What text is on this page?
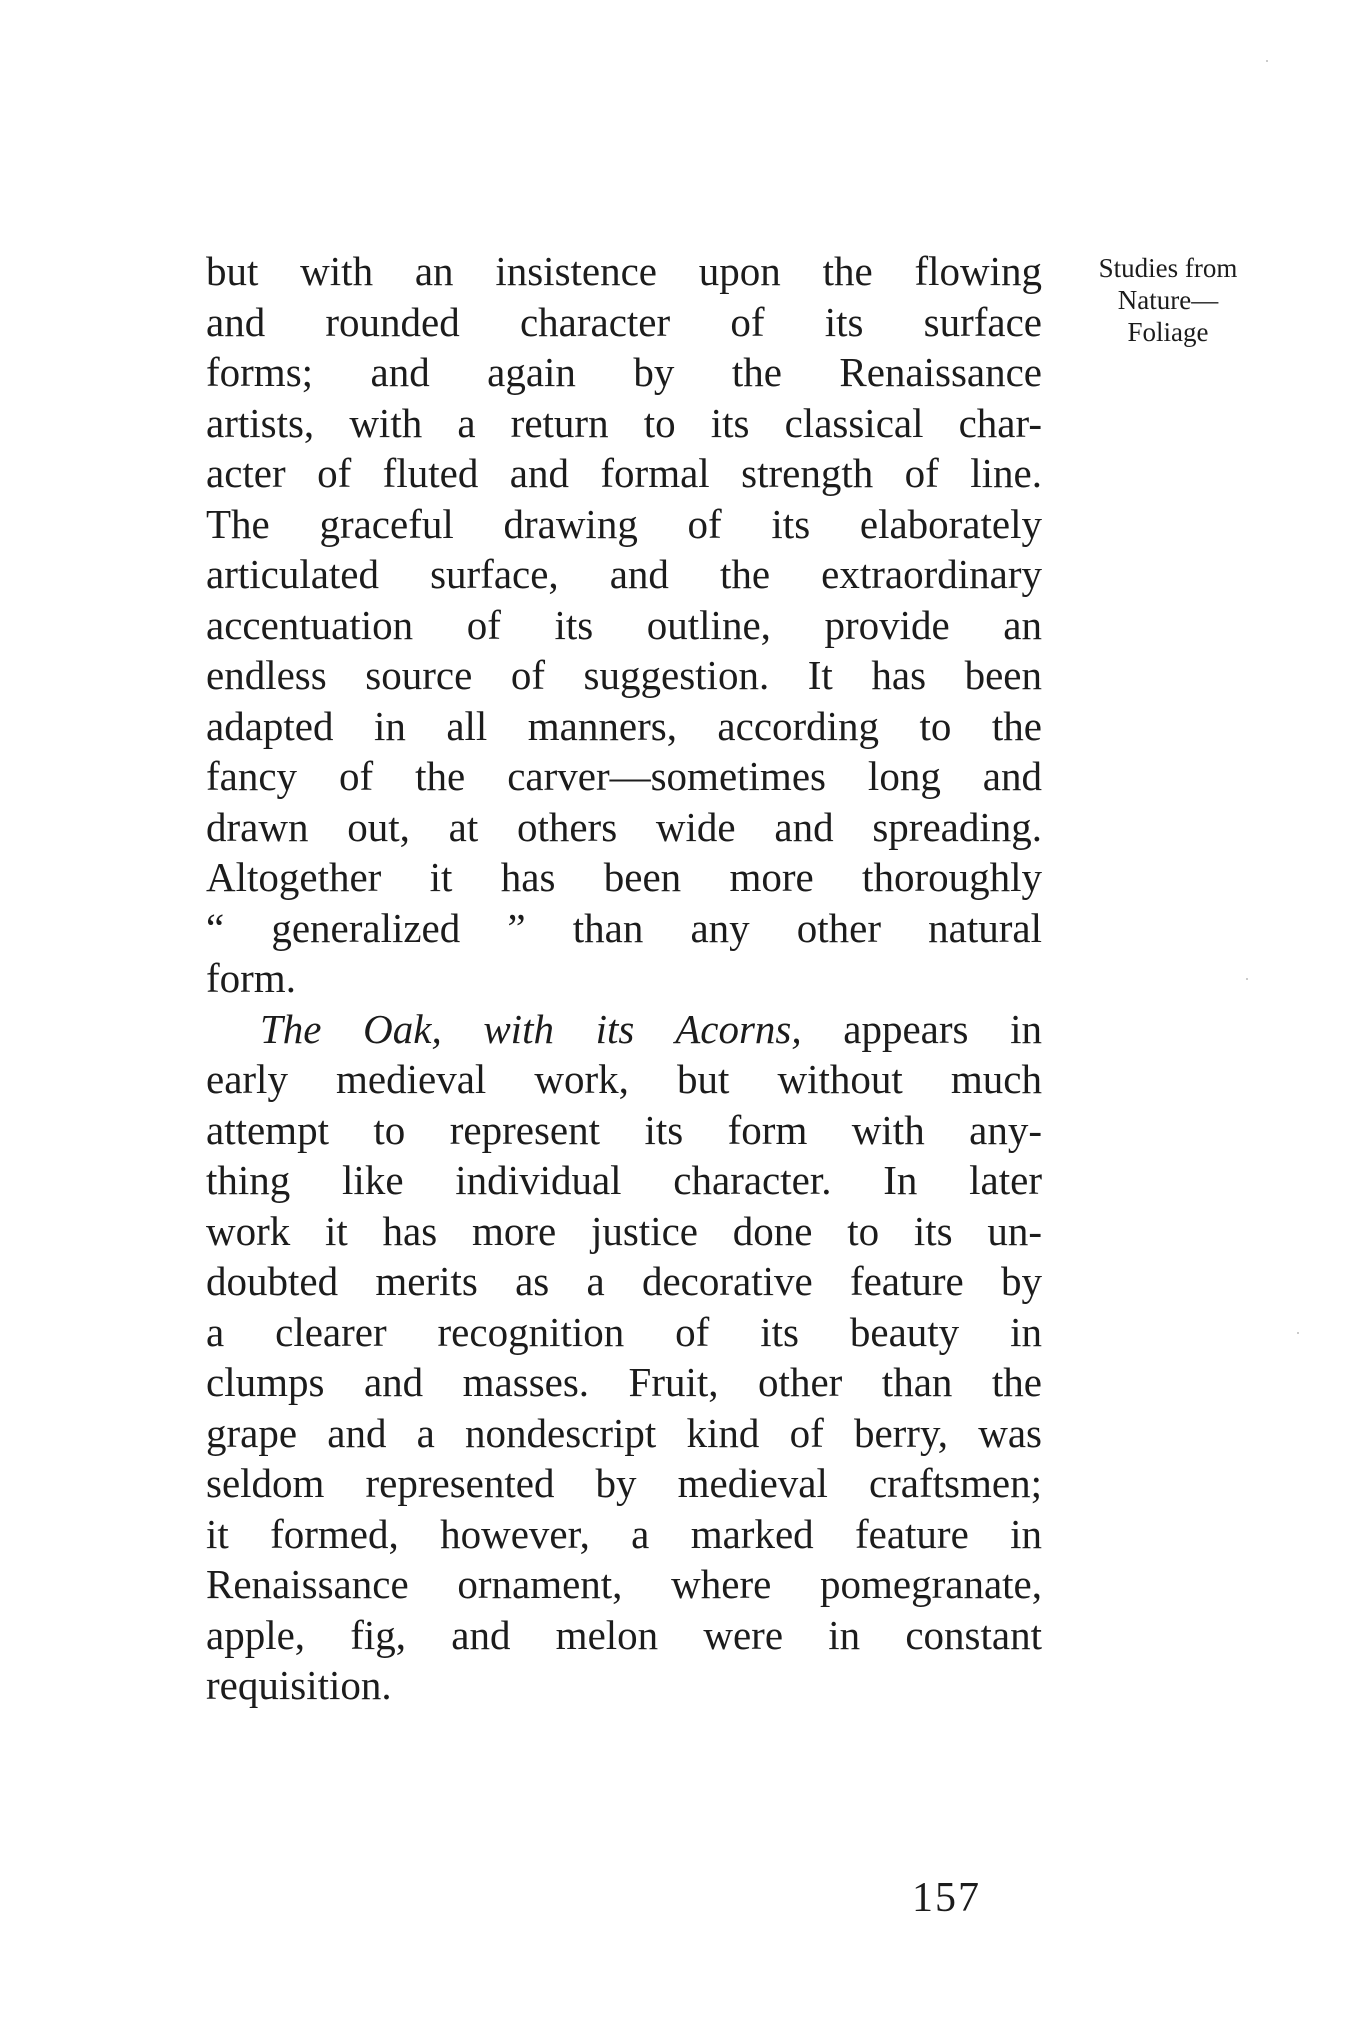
Studies from
Nature—
Foliage
but with an insistence upon the flowing
and rounded character of its surface
forms; and again by the Renaissance
artists, with a return to its classical char-
acter of fluted and formal strength of line.
The graceful drawing of its elaborately
articulated surface, and the extraordinary
accentuation of its outline, provide an
endless source of suggestion. It has been
adapted in all manners, according to the
fancy of the carver—sometimes long and
drawn out, at others wide and spreading.
Altogether it has been more thoroughly
“ generalized ” than any other natural
form.
The Oak, with its Acorns, appears in
early medieval work, but without much
attempt to represent its form with any-
thing like individual character. In later
work it has more justice done to its un-
doubted merits as a decorative feature by
a clearer recognition of its beauty in
clumps and masses. Fruit, other than the
grape and a nondescript kind of berry, was
seldom represented by medieval craftsmen;
it formed, however, a marked feature in
Renaissance ornament, where pomegranate,
apple, fig, and melon were in constant
requisition.
157
